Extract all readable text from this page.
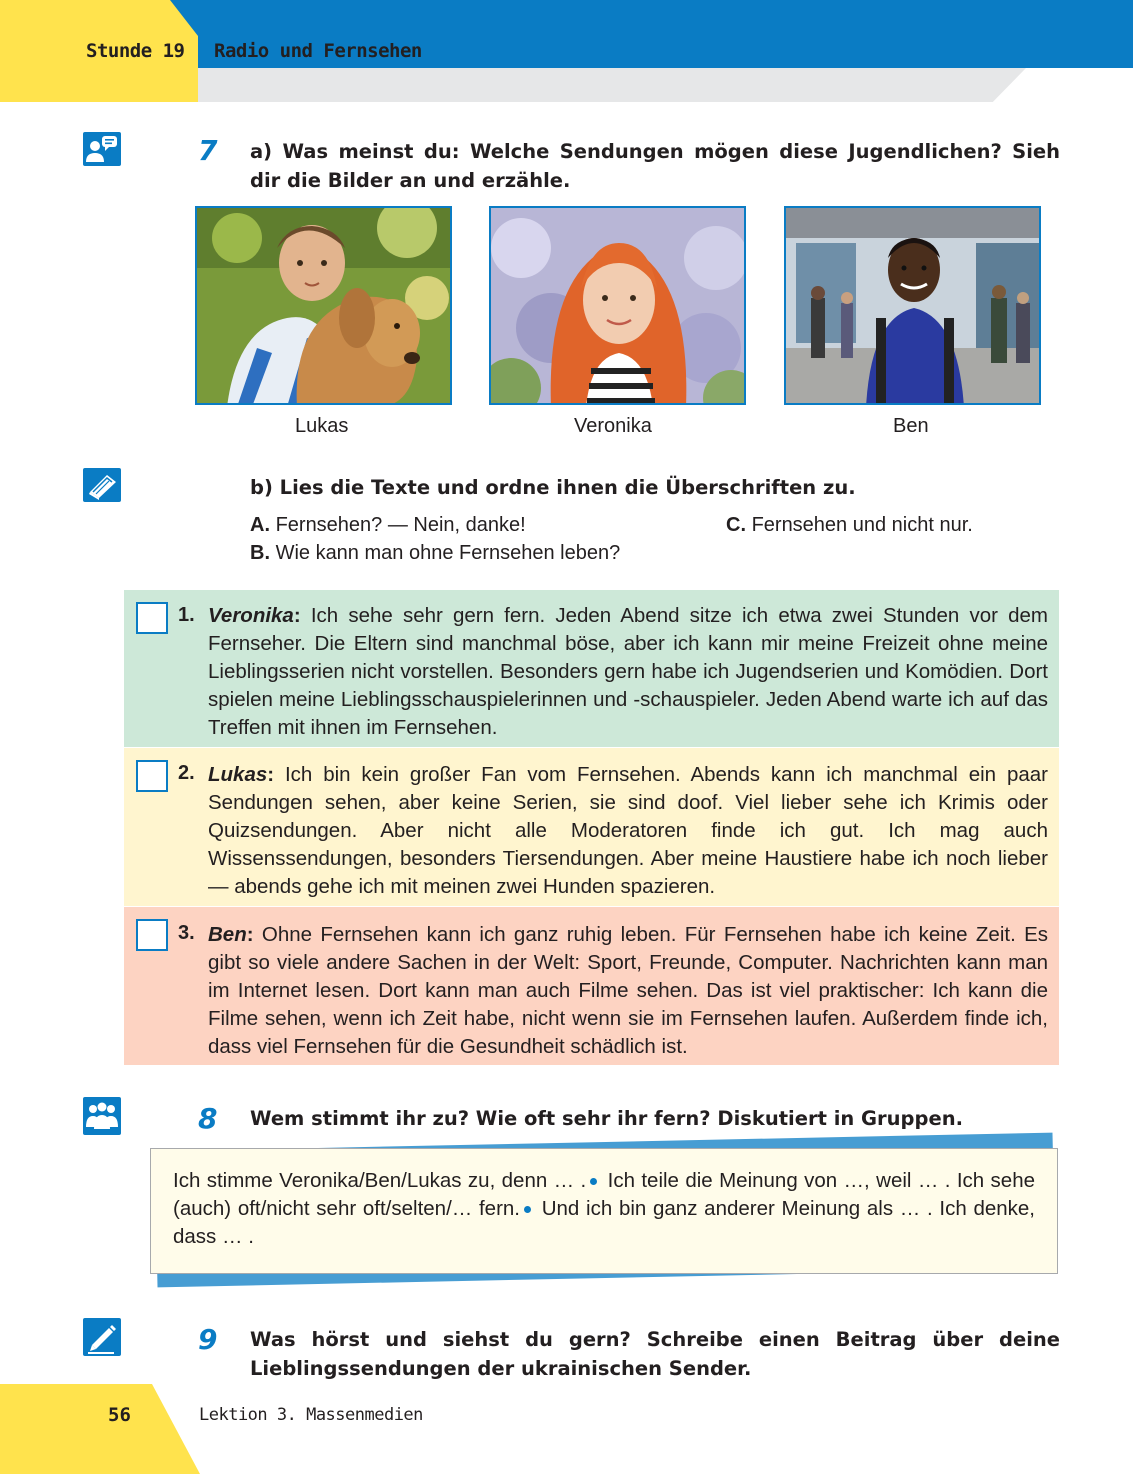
Stunde 19 Radio und Fernsehen
7 a) Was meinst du: Welche Sendungen mögen diese Jugendlichen? Sieh dir die Bilder an und erzähle.
Lukas	Veronika	Ben
b) Lies die Texte und ordne ihnen die Überschriften zu.
A. Fernsehen? — Nein, danke!
B. Wie kann man ohne Fernsehen leben?
C. Fernsehen und nicht nur.
1. Veronika: Ich sehe sehr gern fern. Jeden Abend sitze ich etwa zwei Stunden vor dem Fernseher. Die Eltern sind manchmal böse, aber ich kann mir meine Freizeit ohne meine Lieblingsserien nicht vorstellen. Besonders gern habe ich Jugendserien und Komödien. Dort spielen meine Lieblingsschauspielerinnen und -schauspieler. Jeden Abend warte ich auf das Treffen mit ihnen im Fernsehen.
2. Lukas: Ich bin kein großer Fan vom Fernsehen. Abends kann ich manchmal ein paar Sendungen sehen, aber keine Serien, sie sind doof. Viel lieber sehe ich Krimis oder Quizsendungen. Aber nicht alle Moderatoren finde ich gut. Ich mag auch Wissenssendungen, besonders Tiersendungen. Aber meine Haustiere habe ich noch lieber — abends gehe ich mit meinen zwei Hunden spazieren.
3. Ben: Ohne Fernsehen kann ich ganz ruhig leben. Für Fernsehen habe ich keine Zeit. Es gibt so viele andere Sachen in der Welt: Sport, Freunde, Computer. Nachrichten kann man im Internet lesen. Dort kann man auch Filme sehen. Das ist viel praktischer: Ich kann die Filme sehen, wenn ich Zeit habe, nicht wenn sie im Fernsehen laufen. Außerdem finde ich, dass viel Fernsehen für die Gesundheit schädlich ist.
8 Wem stimmt ihr zu? Wie oft sehr ihr fern? Diskutiert in Gruppen.
Ich stimme Veronika/Ben/Lukas zu, denn … . Ich teile die Meinung von …, weil … . Ich sehe (auch) oft/nicht sehr oft/selten/… fern. Und ich bin ganz anderer Meinung als … . Ich denke, dass … .
9 Was hörst und siehst du gern? Schreibe einen Beitrag über deine Lieblingssendungen der ukrainischen Sender.
56	Lektion 3. Massenmedien
